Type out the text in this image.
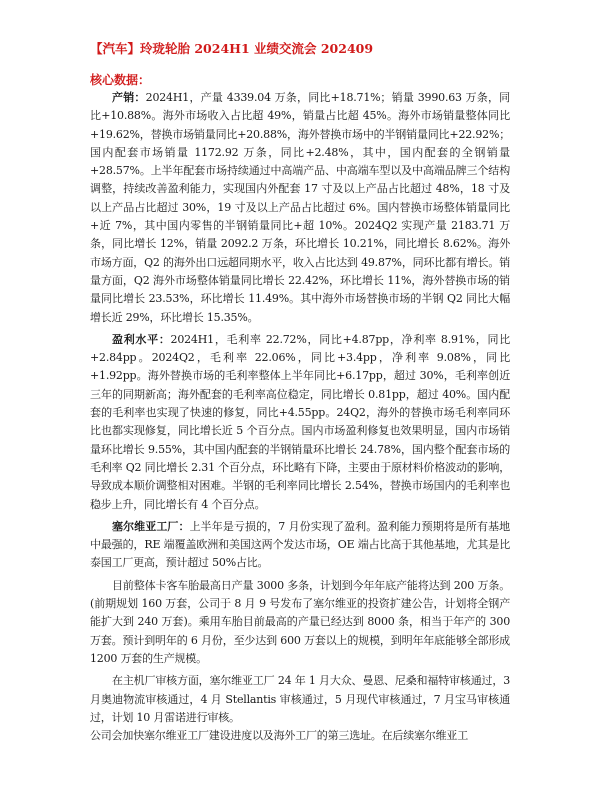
【汽车】玲珑轮胎 2024H1 业绩交流会 202409
核心数据：

产销：2024H1，产量 4339.04 万条，同比+18.71%；销量 3990.63 万条，同比+10.88%。海外市场收入占比超 49%，销量占比超 45%。海外市场销量整体同比+19.62%，替换市场销量同比+20.88%，海外替换市场中的半钢销量同比+22.92%；国内配套市场销量 1172.92 万条，同比+2.48%，其中，国内配套的全钢销量+28.57%。上半年配套市场持续通过中高端产品、中高端车型以及中高端品牌三个结构调整，持续改善盈利能力，实现国内外配套 17 寸及以上产品占比超过 48%，18 寸及以上产品占比超过 30%，19 寸及以上产品占比超过 6%。国内替换市场整体销量同比+近 7%，其中国内零售的半钢销量同比+超 10%。2024Q2 实现产量 2183.71 万条，同比增长 12%，销量 2092.2 万条，环比增长 10.21%，同比增长 8.62%。海外市场方面，Q2 的海外出口远超同期水平，收入占比达到 49.87%，同环比都有增长。销量方面，Q2 海外市场整体销量同比增长 22.42%，环比增长 11%，海外替换市场的销量同比增长 23.53%，环比增长 11.49%。其中海外市场替换市场的半钢 Q2 同比大幅增长近 29%，环比增长 15.35%。

盈利水平：2024H1，毛利率 22.72%，同比+4.87pp，净利率 8.91%，同比+2.84pp。2024Q2，毛利率 22.06%，同比+3.4pp，净利率 9.08%，同比+1.92pp。海外替换市场的毛利率整体上半年同比+6.17pp，超过 30%，毛利率创近三年的同期新高；海外配套的毛利率高位稳定，同比增长 0.81pp，超过 40%。国内配套的毛利率也实现了快速的修复，同比+4.55pp。24Q2，海外的替换市场毛利率同环比也都实现修复，同比增长近 5 个百分点。国内市场盈利修复也效果明显，国内市场销量环比增长 9.55%，其中国内配套的半钢销量环比增长 24.78%，国内整个配套市场的毛利率 Q2 同比增长 2.31 个百分点，环比略有下降，主要由于原材料价格波动的影响，导致成本顺价调整相对困难。半钢的毛利率同比增长 2.54%，替换市场国内的毛利率也稳步上升，同比增长有 4 个百分点。

塞尔维亚工厂：上半年是亏损的，7 月份实现了盈利。盈利能力预期将是所有基地中最强的，RE 端覆盖欧洲和美国这两个发达市场，OE 端占比高于其他基地，尤其是比泰国工厂更高，预计超过 50%占比。

目前整体卡客车胎最高日产量 3000 多条，计划到今年年底产能将达到 200 万条。(前期规划 160 万套，公司于 8 月 9 号发布了塞尔维亚的投资扩建公告，计划将全钢产能扩大到 240 万套)。乘用车胎目前最高的产量已经达到 8000 条，相当于年产的 300 万套。预计到明年的 6 月份，至少达到 600 万套以上的规模，到明年年底能够全部形成 1200 万套的生产规模。

在主机厂审核方面，塞尔维亚工厂 24 年 1 月大众、曼恩、尼桑和福特审核通过，3 月奥迪物流审核通过，4 月 Stellantis 审核通过，5 月现代审核通过，7 月宝马审核通过，计划 10 月雷诺进行审核。

公司会加快塞尔维亚工厂建设进度以及海外工厂的第三选址。在后续塞尔维亚工
